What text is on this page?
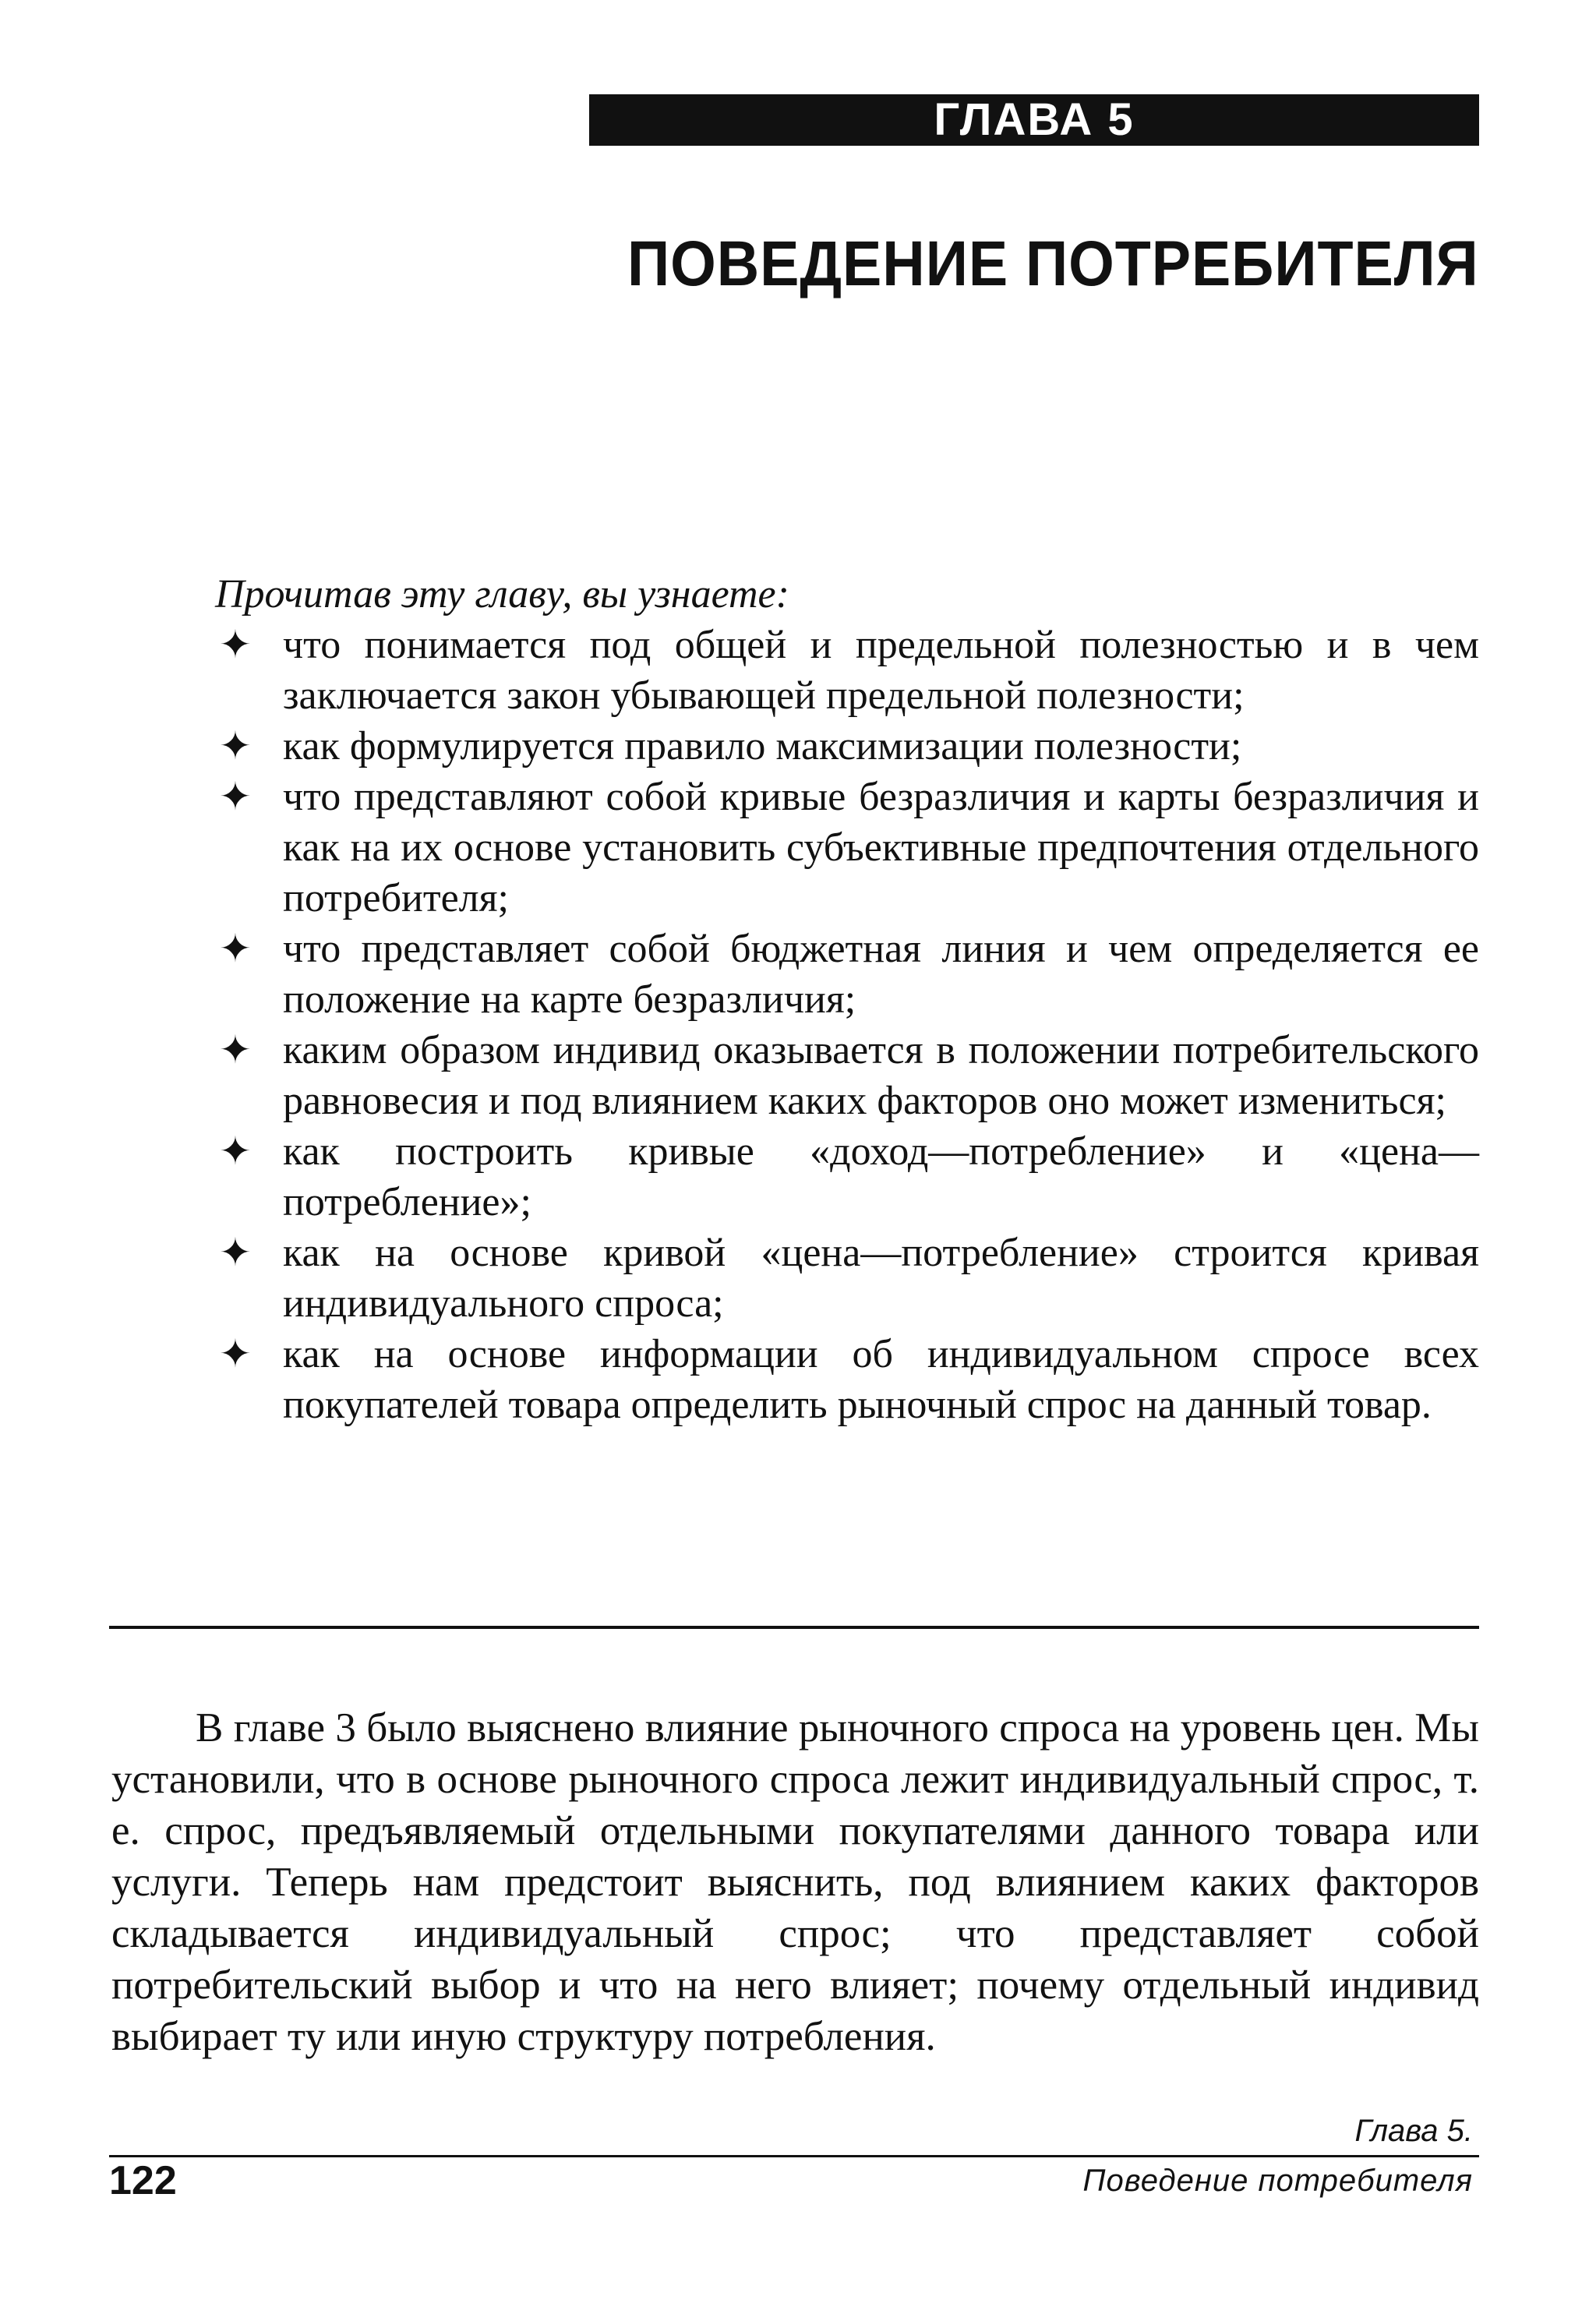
ГЛАВА 5
ПОВЕДЕНИЕ ПОТРЕБИТЕЛЯ

Прочитав эту главу, вы узнаете:

✦ что понимается под общей и предельной полезностью и в чем заключается закон убывающей предельной полезности;
✦ как формулируется правило максимизации полезности;
✦ что представляют собой кривые безразличия и карты безразличия и как на их основе установить субъективные предпочтения отдельного потребителя;
✦ что представляет собой бюджетная линия и чем определяется ее положение на карте безразличия;
✦ каким образом индивид оказывается в положении потребительского равновесия и под влиянием каких факторов оно может измениться;
✦ как построить кривые «доход—потребление» и «цена—потребление»;
✦ как на основе кривой «цена—потребление» строится кривая индивидуального спроса;
✦ как на основе информации об индивидуальном спросе всех покупателей товара определить рыночный спрос на данный товар.

В главе 3 было выяснено влияние рыночного спроса на уровень цен. Мы установили, что в основе рыночного спроса лежит индивидуальный спрос, т. е. спрос, предъявляемый отдельными покупателями данного товара или услуги. Теперь нам предстоит выяснить, под влиянием каких факторов складывается индивидуальный спрос; что представляет собой потребительский выбор и что на него влияет; почему отдельный индивид выбирает ту или иную структуру потребления.

Глава 5.
122	Поведение потребителя
